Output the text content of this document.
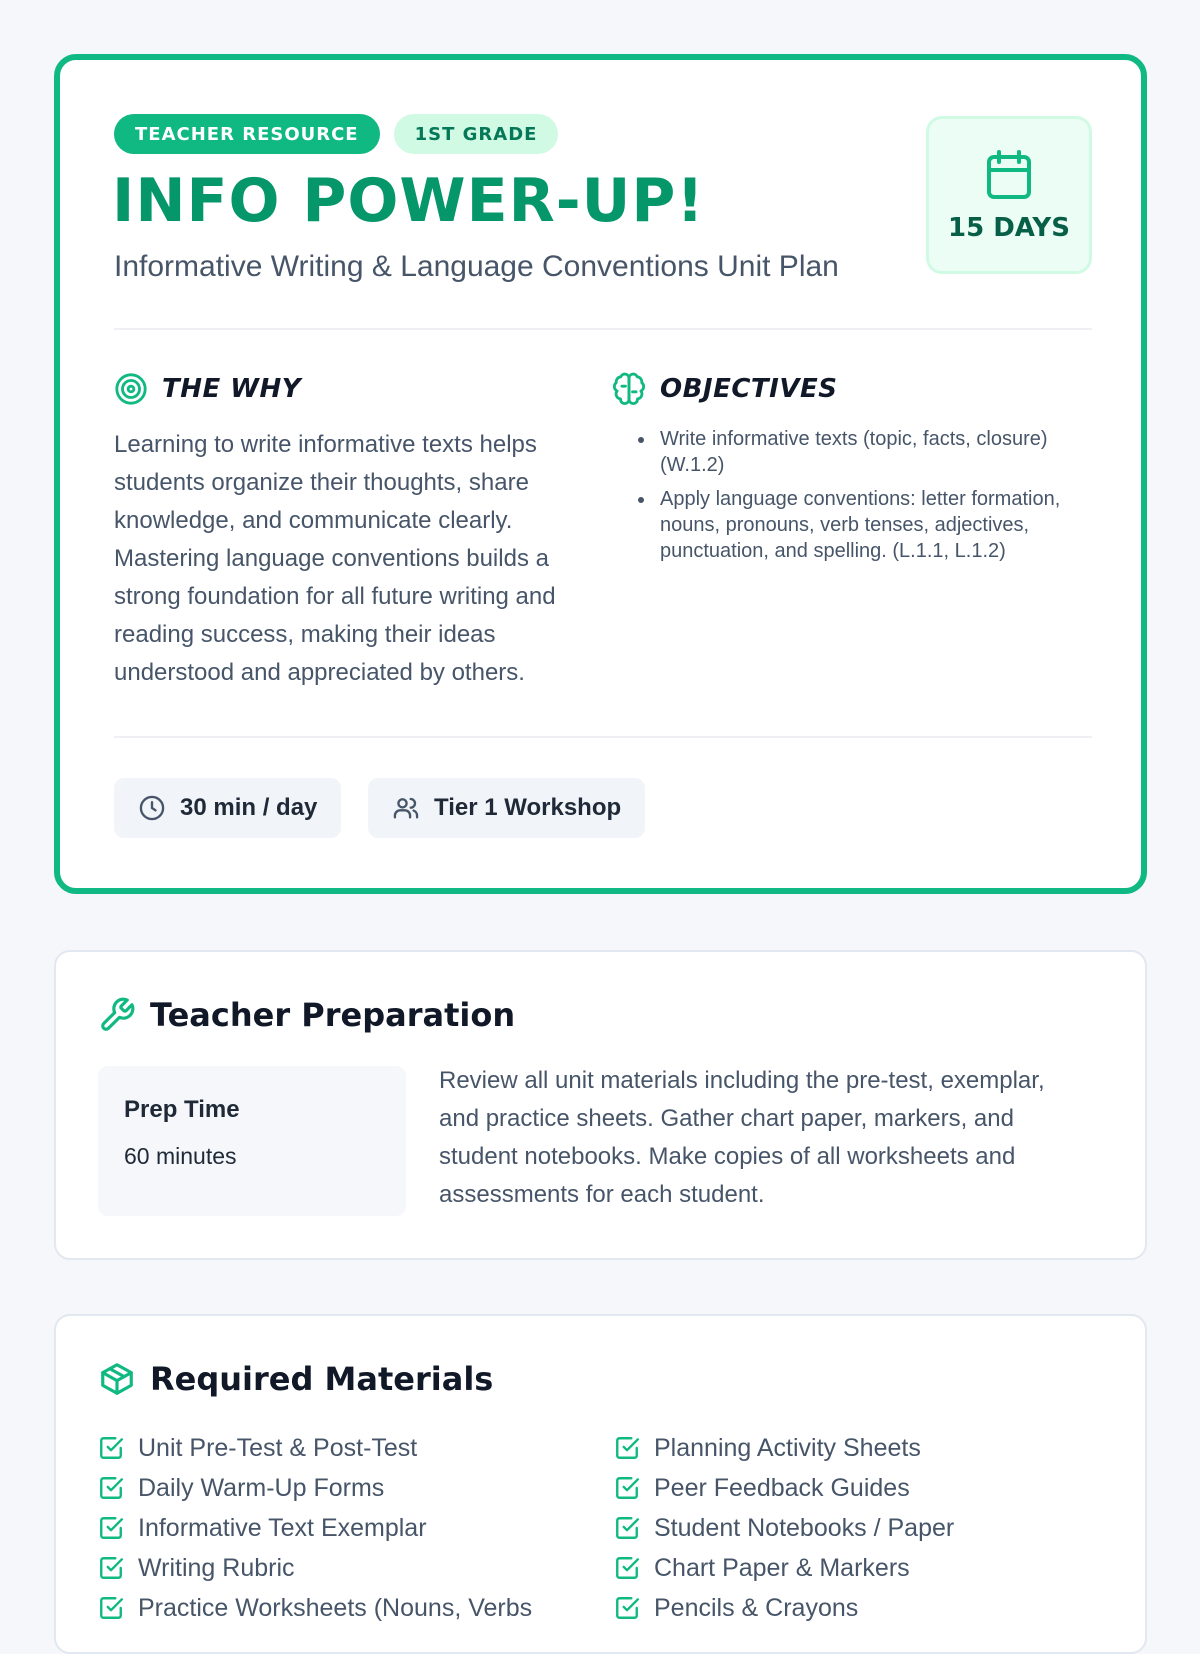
TEACHER RESOURCE	1ST GRADE
INFO POWER-UP!
Informative Writing & Language Conventions Unit Plan
15 DAYS
THE WHY

Learning to write informative texts helps students organize their thoughts, share knowledge, and communicate clearly. Mastering language conventions builds a strong foundation for all future writing and reading success, making their ideas understood and appreciated by others.

OBJECTIVES
Write informative texts (topic, facts, closure) (W.1.2)
Apply language conventions: letter formation, nouns, pronouns, verb tenses, adjectives, punctuation, and spelling. (L.1.1, L.1.2)
30 min / day	Tier 1 Workshop
Teacher Preparation
Prep Time
60 minutes

Review all unit materials including the pre-test, exemplar, and practice sheets. Gather chart paper, markers, and student notebooks. Make copies of all worksheets and assessments for each student.

Required Materials
Unit Pre-Test & Post-Test
Daily Warm-Up Forms
Informative Text Exemplar
Writing Rubric
Practice Worksheets (Nouns, Verbs
Planning Activity Sheets
Peer Feedback Guides
Student Notebooks / Paper
Chart Paper & Markers
Pencils & Crayons
